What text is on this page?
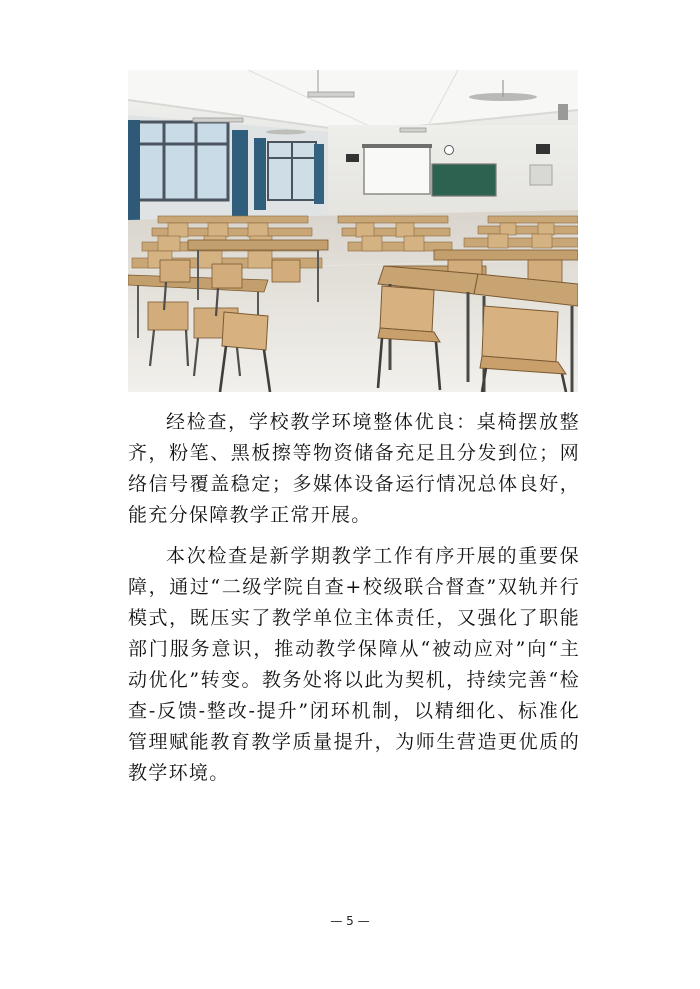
经检查，学校教学环境整体优良：桌椅摆放整齐，粉笔、黑板擦等物资储备充足且分发到位；网络信号覆盖稳定；多媒体设备运行情况总体良好，能充分保障教学正常开展。

本次检查是新学期教学工作有序开展的重要保障，通过“二级学院自查+校级联合督查”双轨并行模式，既压实了教学单位主体责任，又强化了职能部门服务意识，推动教学保障从“被动应对”向“主动优化”转变。教务处将以此为契机，持续完善“检查-反馈-整改-提升”闭环机制，以精细化、标准化管理赋能教育教学质量提升，为师生营造更优质的教学环境。

— 5 —
